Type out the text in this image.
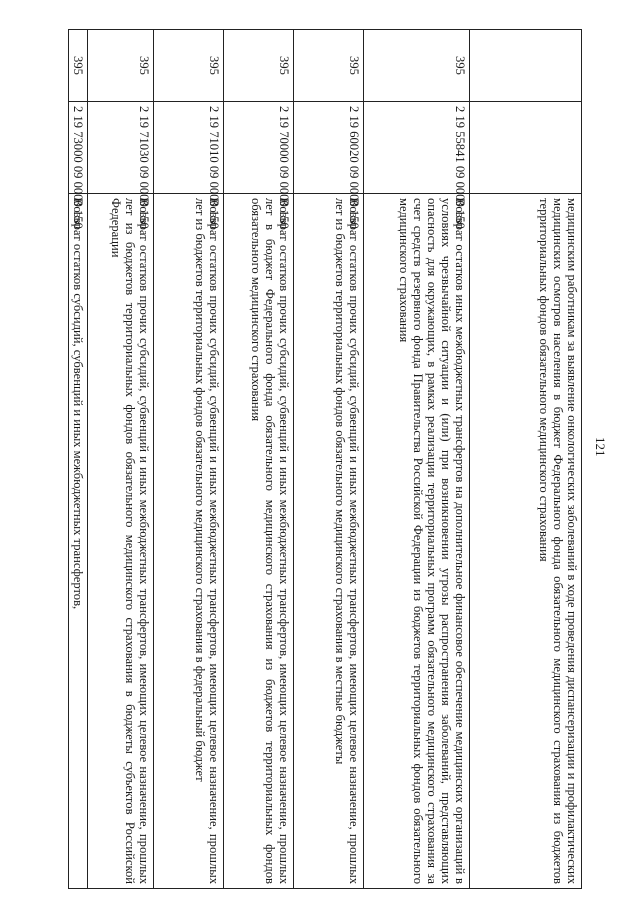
121
		медицинским работникам за выявление онкологических заболеваний в ходе проведения диспансеризации и профилактических медицинских осмотров населения в бюджет Федерального фонда обязательного медицинского страхования из бюджетов территориальных фондов обязательного медицинского страхования
395	2 19 55841 09 0000 150	Возврат остатков иных межбюджетных трансфертов на дополнительное финансовое обеспечение медицинских организаций в условиях чрезвычайной ситуации и (или) при возникновении угрозы распространения заболеваний, представляющих опасность для окружающих, в рамках реализации территориальных программ обязательного медицинского страхования за счет средств резервного фонда Правительства Российской Федерации из бюджетов территориальных фондов обязательного медицинского страхования
395	2 19 60020 09 0000 150	Возврат остатков прочих субсидий, субвенций и иных межбюджетных трансфертов, имеющих целевое назначение, прошлых лет из бюджетов территориальных фондов обязательного медицинского страхования в местные бюджеты
395	2 19 70000 09 0000 150	Возврат остатков прочих субсидий, субвенций и иных межбюджетных трансфертов, имеющих целевое назначение, прошлых лет в бюджет Федерального фонда обязательного медицинского страхования из бюджетов территориальных фондов обязательного медицинского страхования
395	2 19 71010 09 0000 150	Возврат остатков прочих субсидий, субвенций и иных межбюджетных трансфертов, имеющих целевое назначение, прошлых лет из бюджетов территориальных фондов обязательного медицинского страхования в федеральный бюджет
395	2 19 71030 09 0000 150	Возврат остатков прочих субсидий, субвенций и иных межбюджетных трансфертов, имеющих целевое назначение, прошлых лет из бюджетов территориальных фондов обязательного медицинского страхования в бюджеты субъектов Российской Федерации
395	2 19 73000 09 0000 150	Возврат остатков субсидий, субвенций и иных межбюджетных трансфертов,
